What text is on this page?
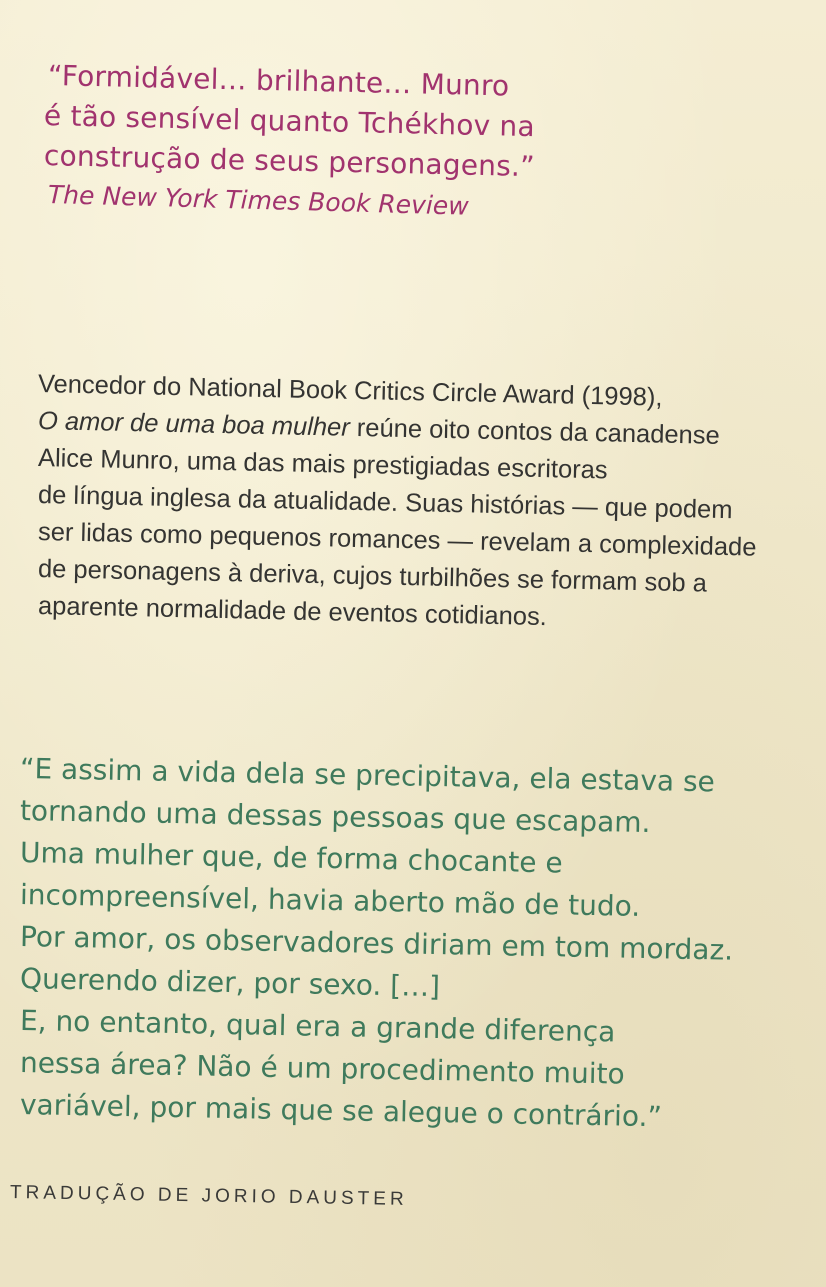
“Formidável… brilhante… Munro
é tão sensível quanto Tchékhov na
construção de seus personagens.”
The New York Times Book Review
Vencedor do National Book Critics Circle Award (1998),
O amor de uma boa mulher reúne oito contos da canadense
Alice Munro, uma das mais prestigiadas escritoras
de língua inglesa da atualidade. Suas histórias — que podem
ser lidas como pequenos romances — revelam a complexidade
de personagens à deriva, cujos turbilhões se formam sob a
aparente normalidade de eventos cotidianos.
“E assim a vida dela se precipitava, ela estava se
tornando uma dessas pessoas que escapam.
Uma mulher que, de forma chocante e
incompreensível, havia aberto mão de tudo.
Por amor, os observadores diriam em tom mordaz.
Querendo dizer, por sexo. […]
E, no entanto, qual era a grande diferença
nessa área? Não é um procedimento muito
variável, por mais que se alegue o contrário.”
TRADUÇÃO DE JORIO DAUSTER
